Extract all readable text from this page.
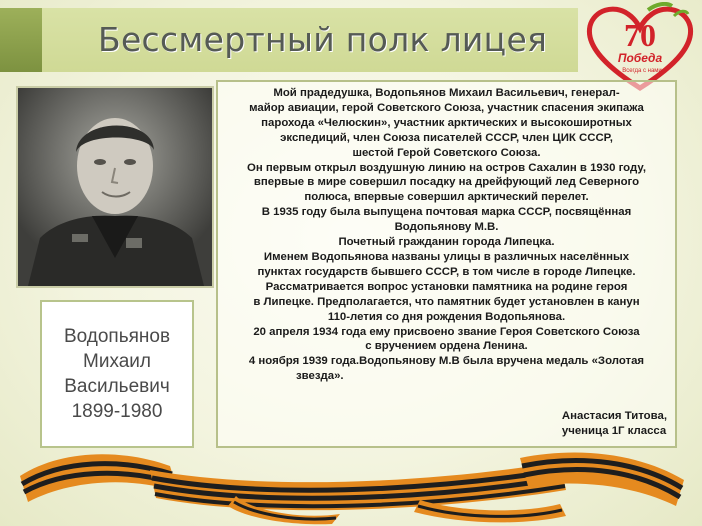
Бессмертный полк лицея 70
Победа
Всегда с нами
Водопьянов
Михаил
Васильевич
1899-1980
Мой прадедушка, Водопьянов Михаил Васильевич, генерал-
майор авиации, герой Советского Союза, участник спасения экипажа
парохода «Челюскин», участник арктических и высокоширотных
экспедиций, член Союза писателей СССР, член ЦИК СССР,
шестой Герой Советского Союза.
Он первым открыл воздушную линию на остров Сахалин в 1930 году,
впервые в мире совершил посадку на дрейфующий лед Северного
полюса, впервые совершил арктический перелет.
В 1935 году была выпущена почтовая марка СССР, посвящённая
Водопьянову М.В.
Почетный гражданин города Липецка.
Именем Водопьянова названы улицы в различных населённых
пунктах государств бывшего СССР, в том числе в городе Липецке.
Рассматривается вопрос установки памятника на родине героя
в Липецке. Предполагается, что памятник будет установлен в канун
110-летия со дня рождения Водопьянова.
20 апреля 1934 года ему присвоено звание Героя Советского Союза
с вручением ордена Ленина.
4 ноября 1939 года.Водопьянову М.В была вручена медаль «Золотая
звезда».
Анастасия Титова,
ученица 1Г класса
